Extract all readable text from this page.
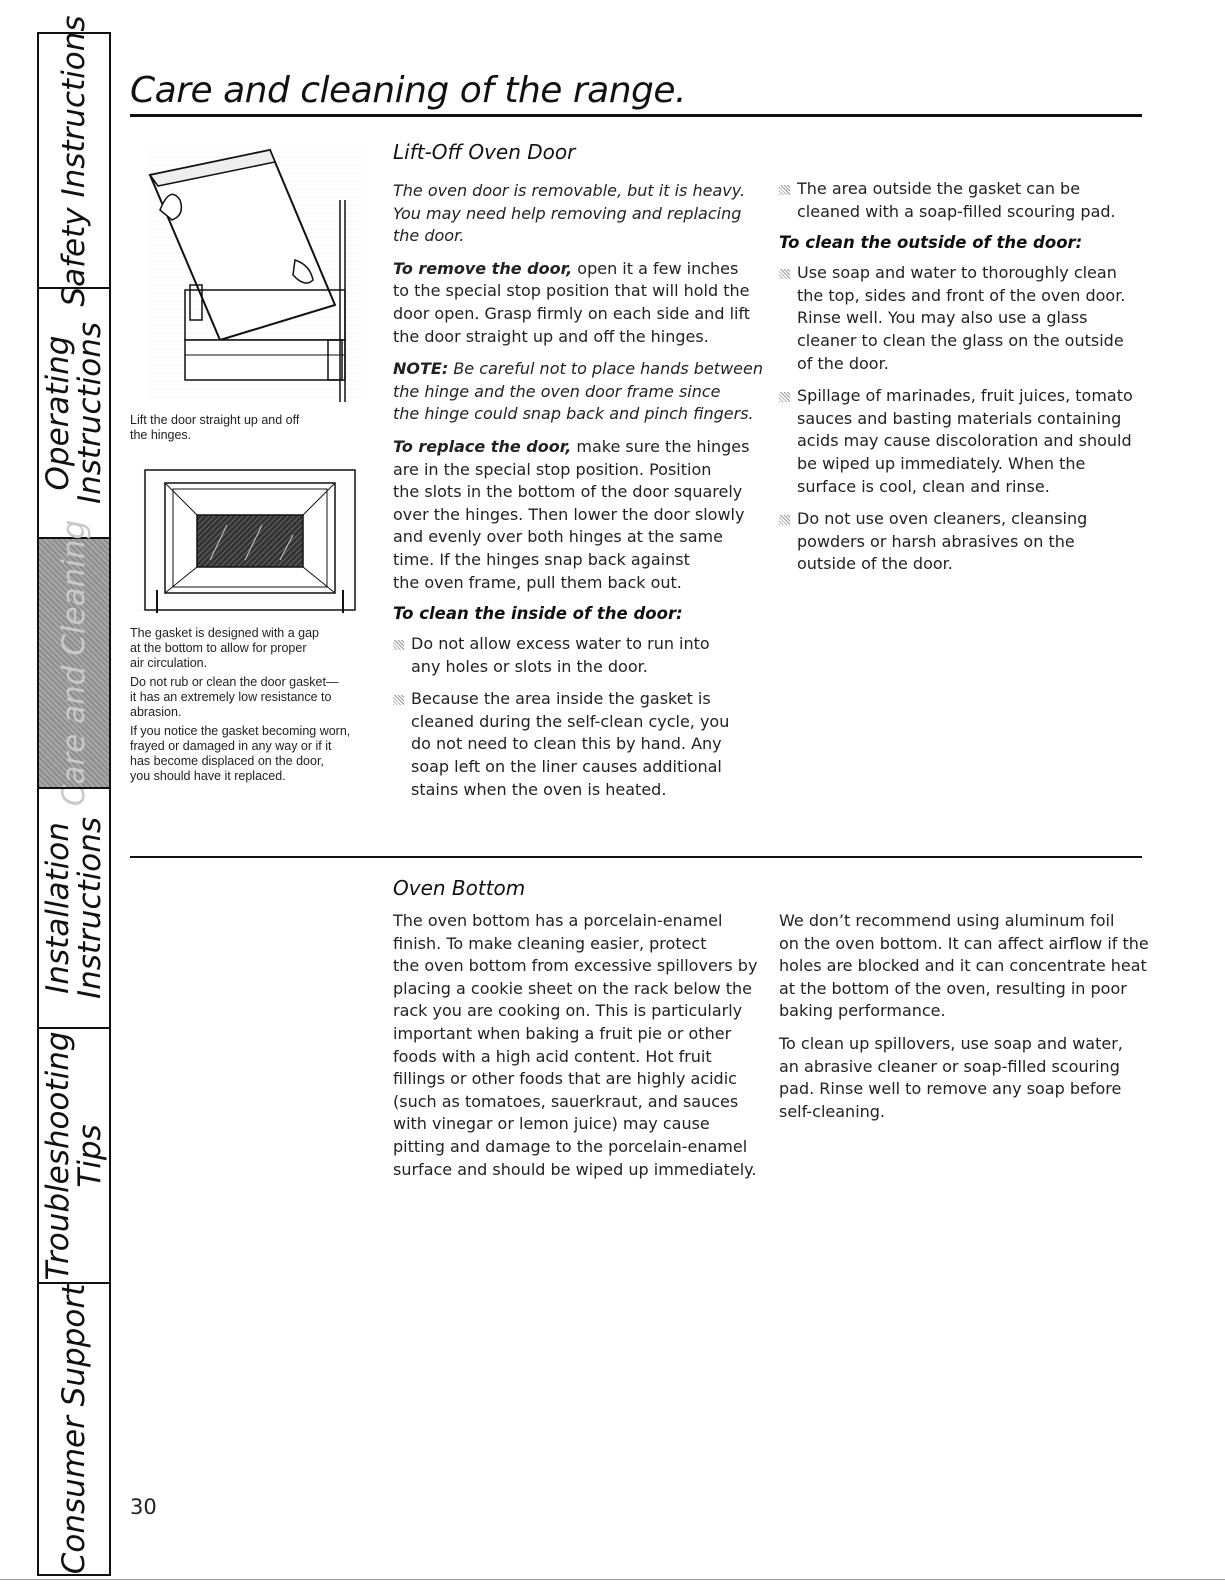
Safety Instructions
Operating
Instructions
Care and Cleaning
Installation
Instructions
Troubleshooting
Tips
Consumer Support
Care and cleaning of the range.
Lift the door straight up and off
the hinges.
The gasket is designed with a gap
at the bottom to allow for proper
air circulation.
Do not rub or clean the door gasket—
it has an extremely low resistance to
abrasion.
If you notice the gasket becoming worn,
frayed or damaged in any way or if it
has become displaced on the door,
you should have it replaced.
Lift-Off Oven Door
The oven door is removable, but it is heavy.
You may need help removing and replacing
the door.
To remove the door, open it a few inches
to the special stop position that will hold the
door open. Grasp firmly on each side and lift
the door straight up and off the hinges.
NOTE: Be careful not to place hands between
the hinge and the oven door frame since
the hinge could snap back and pinch fingers.
To replace the door, make sure the hinges
are in the special stop position. Position
the slots in the bottom of the door squarely
over the hinges. Then lower the door slowly
and evenly over both hinges at the same
time. If the hinges snap back against
the oven frame, pull them back out.
To clean the inside of the door:
Do not allow excess water to run into
any holes or slots in the door.
Because the area inside the gasket is
cleaned during the self-clean cycle, you
do not need to clean this by hand. Any
soap left on the liner causes additional
stains when the oven is heated.
The area outside the gasket can be
cleaned with a soap-filled scouring pad.
To clean the outside of the door:
Use soap and water to thoroughly clean
the top, sides and front of the oven door.
Rinse well. You may also use a glass
cleaner to clean the glass on the outside
of the door.
Spillage of marinades, fruit juices, tomato
sauces and basting materials containing
acids may cause discoloration and should
be wiped up immediately. When the
surface is cool, clean and rinse.
Do not use oven cleaners, cleansing
powders or harsh abrasives on the
outside of the door.
Oven Bottom
The oven bottom has a porcelain-enamel
finish. To make cleaning easier, protect
the oven bottom from excessive spillovers by
placing a cookie sheet on the rack below the
rack you are cooking on. This is particularly
important when baking a fruit pie or other
foods with a high acid content. Hot fruit
fillings or other foods that are highly acidic
(such as tomatoes, sauerkraut, and sauces
with vinegar or lemon juice) may cause
pitting and damage to the porcelain-enamel
surface and should be wiped up immediately.
We don’t recommend using aluminum foil
on the oven bottom. It can affect airflow if the
holes are blocked and it can concentrate heat
at the bottom of the oven, resulting in poor
baking performance.
To clean up spillovers, use soap and water,
an abrasive cleaner or soap-filled scouring
pad. Rinse well to remove any soap before
self-cleaning.
30
